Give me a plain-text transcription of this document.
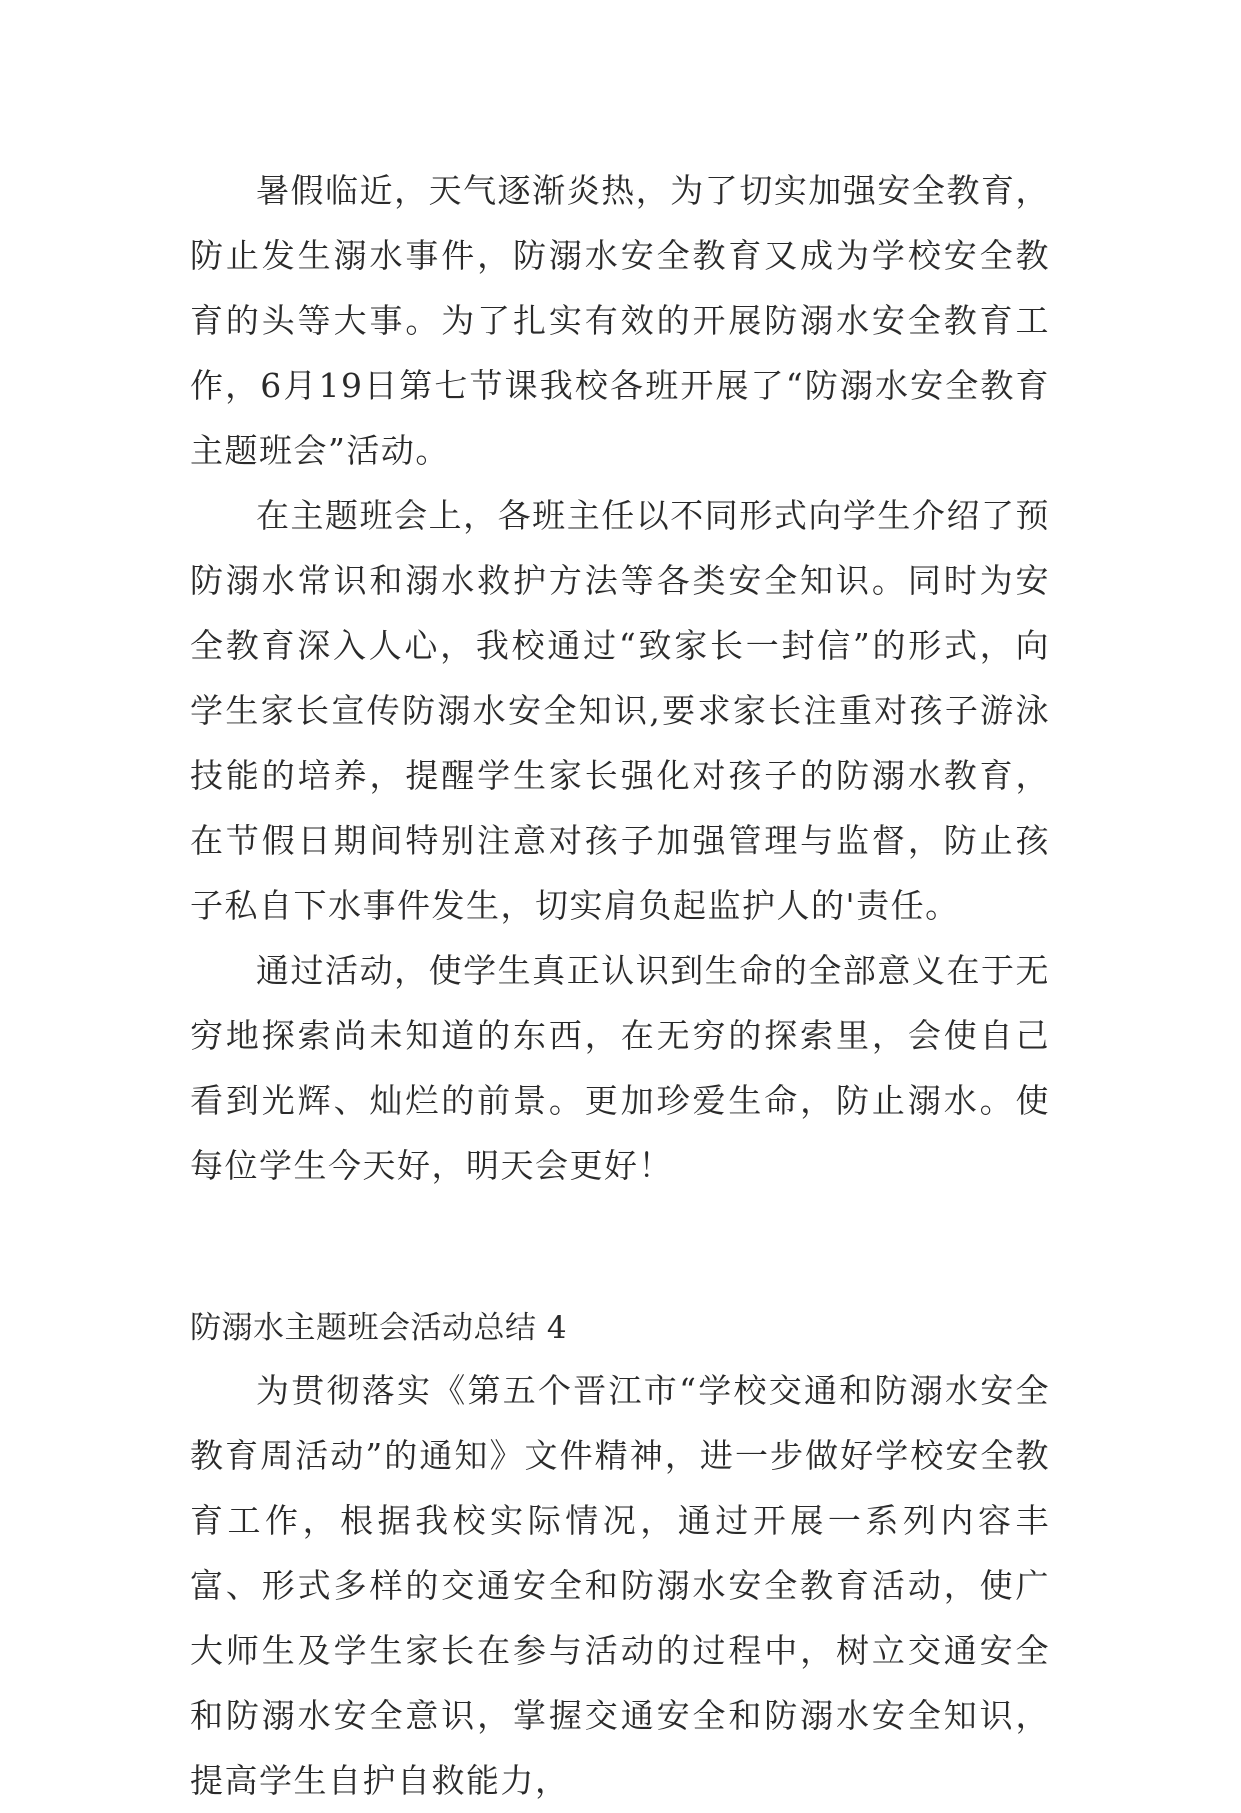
暑假临近，天气逐渐炎热，为了切实加强安全教育，防止发生溺水事件，防溺水安全教育又成为学校安全教育的头等大事。为了扎实有效的开展防溺水安全教育工作，6月19日第七节课我校各班开展了“防溺水安全教育主题班会”活动。

在主题班会上，各班主任以不同形式向学生介绍了预防溺水常识和溺水救护方法等各类安全知识。同时为安全教育深入人心，我校通过“致家长一封信”的形式，向学生家长宣传防溺水安全知识,要求家长注重对孩子游泳技能的培养，提醒学生家长强化对孩子的防溺水教育，在节假日期间特别注意对孩子加强管理与监督，防止孩子私自下水事件发生，切实肩负起监护人的'责任。

通过活动，使学生真正认识到生命的全部意义在于无穷地探索尚未知道的东西，在无穷的探索里，会使自己看到光辉、灿烂的前景。更加珍爱生命，防止溺水。使每位学生今天好，明天会更好！

防溺水主题班会活动总结 4

为贯彻落实《第五个晋江市“学校交通和防溺水安全教育周活动”的通知》文件精神，进一步做好学校安全教育工作，根据我校实际情况，通过开展一系列内容丰富、形式多样的交通安全和防溺水安全教育活动，使广大师生及学生家长在参与活动的过程中，树立交通安全和防溺水安全意识，掌握交通安全和防溺水安全知识，提高学生自护自救能力，
